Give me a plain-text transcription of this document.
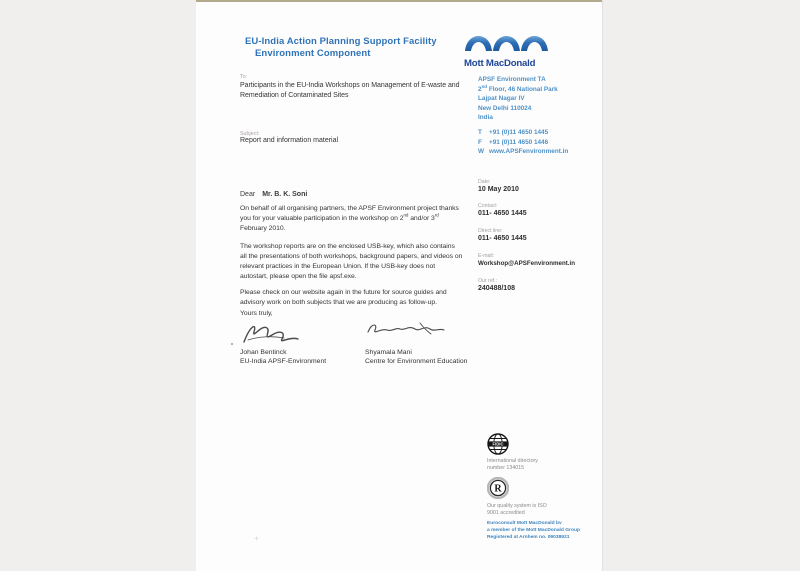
EU-India Action Planning Support Facility
Environment Component
Mott MacDonald
To:
Participants in the EU-India Workshops on Management of E-waste and
Remediation of Contaminated Sites
Subject:
Report and information material
Dear Mr. B. K. Soni
On behalf of all organising partners, the APSF Environment project thanks
you for your valuable participation in the workshop on 2nd and/or 3rd
February 2010.
The workshop reports are on the enclosed USB-key, which also contains
all the presentations of both workshops, background papers, and videos on
relevant practices in the European Union. If the USB-key does not
autostart, please open the file apsf.exe.
Please check on our website again in the future for source guides and
advisory work on both subjects that we are producing as follow-up.
Yours truly,
Johan Bentinck
EU-India APSF-Environment
Shyamala Mani
Centre for Environment Education
APSF Environment TA
2nd Floor, 46 National Park
Lajpat Nagar IV
New Delhi 110024
India
T +91 (0)11 4650 1445
F +91 (0)11 4650 1446
W www.APSFenvironment.in
Date:
10 May 2010
Contact:
011- 4650 1445
Direct line:
011- 4650 1445
E-mail:
Workshop@APSFenvironment.in
Our ref.:
240488/108
FIDIC
International directory
number 134015
R
Our quality system is ISO
9001 accredited
Euroconsult Mott MacDonald bv
a member of the Mott MacDonald Group
Registered at Arnhem no. 09038921
+
